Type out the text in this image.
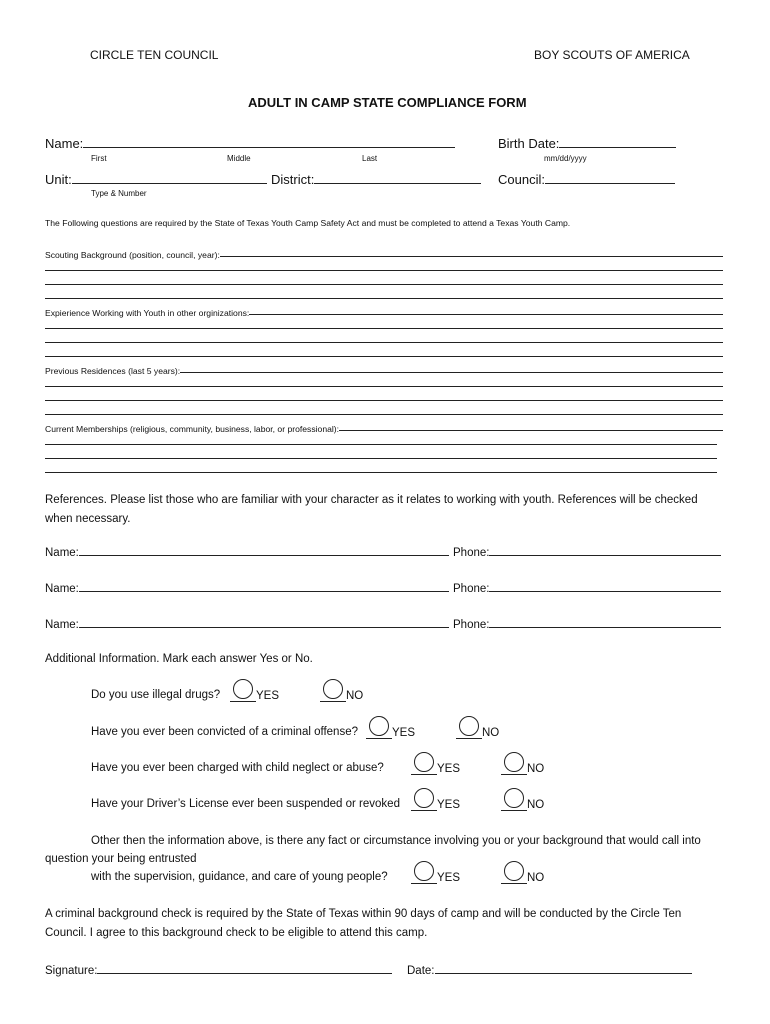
CIRCLE TEN COUNCIL	BOY SCOUTS OF AMERICA
ADULT IN CAMP STATE COMPLIANCE FORM
Name:	Birth Date:
First	Middle	Last	mm/dd/yyyy
Unit:	District:	Council:
Type & Number
The Following questions are required by the State of Texas Youth Camp Safety Act and must be completed to attend a Texas Youth Camp.
Scouting Background (position, council, year):
Expierience Working with Youth in other orginizations:
Previous Residences (last 5 years):
Current Memberships (religious, community, business, labor, or professional):
References. Please list those who are familiar with your character as it relates to working with youth. References will be checked when necessary.
Name:	Phone:
Name:	Phone:
Name:	Phone:
Additional Information. Mark each answer Yes or No.
Do you use illegal drugs?	YES	NO
Have you ever been convicted of a criminal offense?	YES	NO
Have you ever been charged with child neglect or abuse?	YES	NO
Have your Driver’s License ever been suspended or revoked	YES	NO
Other then the information above, is there any fact or circumstance involving you or your background that would call into
question your being entrusted
with the supervision, guidance, and care of young people?	YES	NO
A criminal background check is required by the State of Texas within 90 days of camp and will be conducted by the Circle Ten Council. I agree to this background check to be eligible to attend this camp.
Signature:	Date:
